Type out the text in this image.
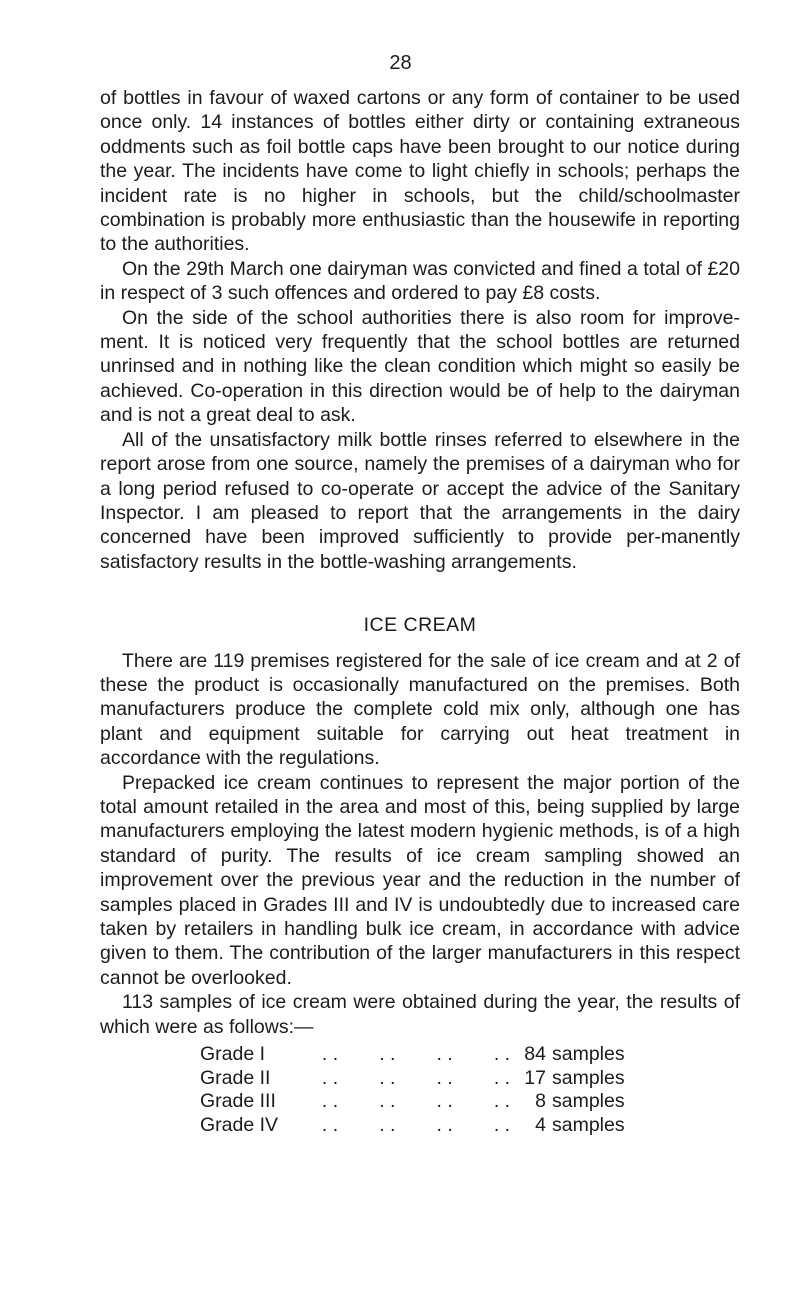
28

of bottles in favour of waxed cartons or any form of container to be used once only. 14 instances of bottles either dirty or containing extraneous oddments such as foil bottle caps have been brought to our notice during the year. The incidents have come to light chiefly in schools; perhaps the incident rate is no higher in schools, but the child/schoolmaster combination is probably more enthusiastic than the housewife in reporting to the authorities.

On the 29th March one dairyman was convicted and fined a total of £20 in respect of 3 such offences and ordered to pay £8 costs.

On the side of the school authorities there is also room for improve-ment. It is noticed very frequently that the school bottles are returned unrinsed and in nothing like the clean condition which might so easily be achieved. Co-operation in this direction would be of help to the dairyman and is not a great deal to ask.

All of the unsatisfactory milk bottle rinses referred to elsewhere in the report arose from one source, namely the premises of a dairyman who for a long period refused to co-operate or accept the advice of the Sanitary Inspector. I am pleased to report that the arrangements in the dairy concerned have been improved sufficiently to provide per-manently satisfactory results in the bottle-washing arrangements.

ICE CREAM

There are 119 premises registered for the sale of ice cream and at 2 of these the product is occasionally manufactured on the premises. Both manufacturers produce the complete cold mix only, although one has plant and equipment suitable for carrying out heat treatment in accordance with the regulations.

Prepacked ice cream continues to represent the major portion of the total amount retailed in the area and most of this, being supplied by large manufacturers employing the latest modern hygienic methods, is of a high standard of purity. The results of ice cream sampling showed an improvement over the previous year and the reduction in the number of samples placed in Grades III and IV is undoubtedly due to increased care taken by retailers in handling bulk ice cream, in accordance with advice given to them. The contribution of the larger manufacturers in this respect cannot be overlooked.

113 samples of ice cream were obtained during the year, the results of which were as follows:—

Grade I	. . . . . . . . 84 samples
Grade II	. . . . . . . . 17 samples
Grade III	. . . . . . . .	8 samples
Grade IV	. . . . . . . .	4 samples
